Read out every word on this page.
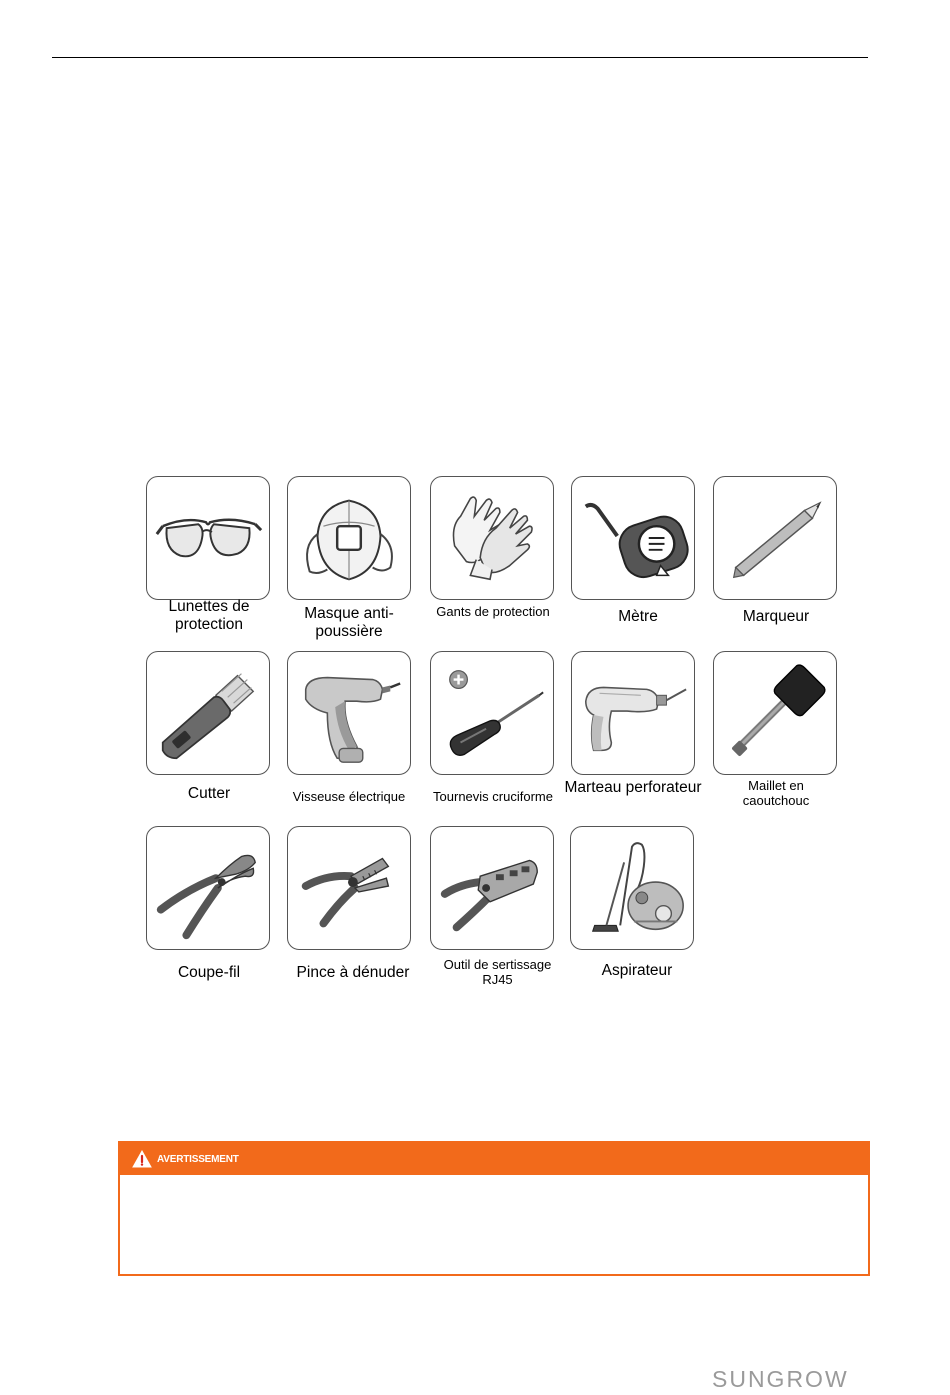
Lunettes de protection
Masque anti-poussière
Gants de protection	Mètre	Marqueur
Cutter	Visseuse électrique	Tournevis cruciforme
Marteau perforateur	Maillet en caoutchouc
Coupe-fil	Pince à dénuder	Outil de sertissage RJ45
Aspirateur
AVERTISSEMENT
SUNGROW
